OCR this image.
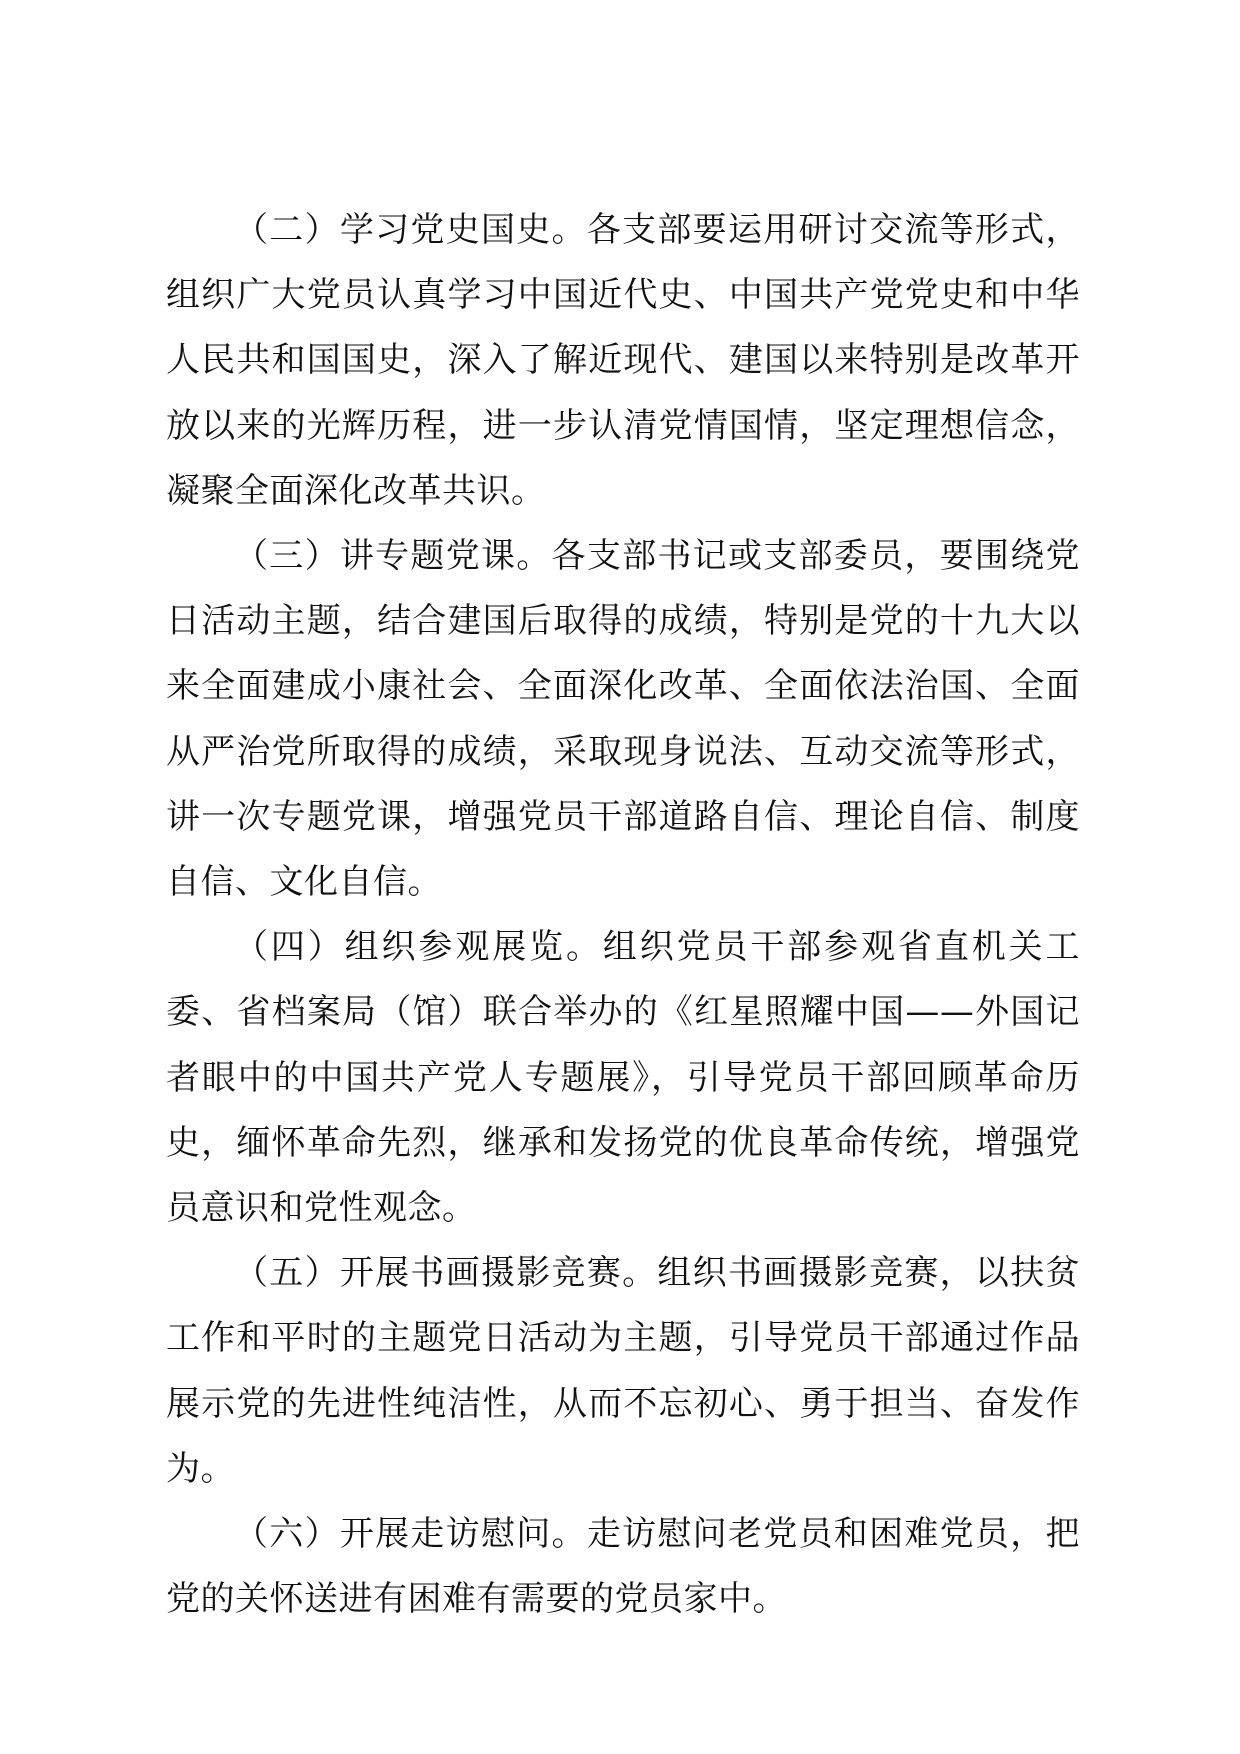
（二）学习党史国史。各支部要运用研讨交流等形式，组织广大党员认真学习中国近代史、中国共产党党史和中华人民共和国国史，深入了解近现代、建国以来特别是改革开放以来的光辉历程，进一步认清党情国情，坚定理想信念，凝聚全面深化改革共识。

（三）讲专题党课。各支部书记或支部委员，要围绕党日活动主题，结合建国后取得的成绩，特别是党的十九大以来全面建成小康社会、全面深化改革、全面依法治国、全面从严治党所取得的成绩，采取现身说法、互动交流等形式，讲一次专题党课，增强党员干部道路自信、理论自信、制度自信、文化自信。

（四）组织参观展览。组织党员干部参观省直机关工委、省档案局（馆）联合举办的《红星照耀中国——外国记者眼中的中国共产党人专题展》，引导党员干部回顾革命历史，缅怀革命先烈，继承和发扬党的优良革命传统，增强党员意识和党性观念。

（五）开展书画摄影竞赛。组织书画摄影竞赛，以扶贫工作和平时的主题党日活动为主题，引导党员干部通过作品展示党的先进性纯洁性，从而不忘初心、勇于担当、奋发作为。

（六）开展走访慰问。走访慰问老党员和困难党员，把党的关怀送进有困难有需要的党员家中。
